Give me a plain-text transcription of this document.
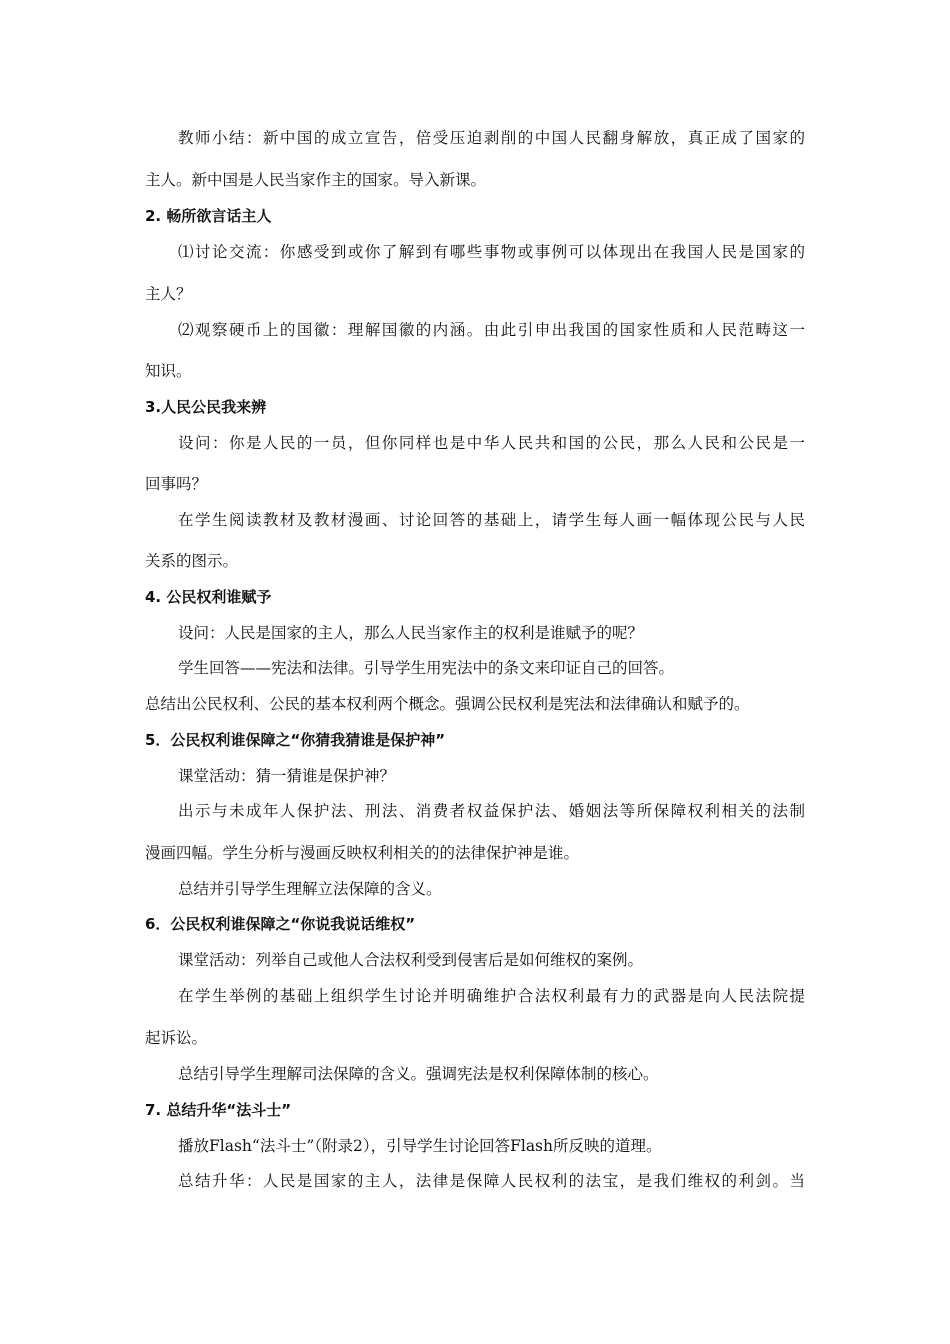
教师小结：新中国的成立宣告，倍受压迫剥削的中国人民翻身解放，真正成了国家的
主人。新中国是人民当家作主的国家。导入新课。
2. 畅所欲言话主人
⑴讨论交流：你感受到或你了解到有哪些事物或事例可以体现出在我国人民是国家的
主人？
⑵观察硬币上的国徽：理解国徽的内涵。由此引申出我国的国家性质和人民范畴这一
知识。
3.人民公民我来辨
设问：你是人民的一员，但你同样也是中华人民共和国的公民，那么人民和公民是一
回事吗？
在学生阅读教材及教材漫画、讨论回答的基础上，请学生每人画一幅体现公民与人民
关系的图示。
4. 公民权利谁赋予
设问：人民是国家的主人，那么人民当家作主的权利是谁赋予的呢？
学生回答——宪法和法律。引导学生用宪法中的条文来印证自己的回答。
总结出公民权利、公民的基本权利两个概念。强调公民权利是宪法和法律确认和赋予的。
5．公民权利谁保障之“你猜我猜谁是保护神”
课堂活动：猜一猜谁是保护神？
出示与未成年人保护法、刑法、消费者权益保护法、婚姻法等所保障权利相关的法制
漫画四幅。学生分析与漫画反映权利相关的的法律保护神是谁。
总结并引导学生理解立法保障的含义。
6．公民权利谁保障之“你说我说话维权”
课堂活动：列举自己或他人合法权利受到侵害后是如何维权的案例。
在学生举例的基础上组织学生讨论并明确维护合法权利最有力的武器是向人民法院提
起诉讼。
总结引导学生理解司法保障的含义。强调宪法是权利保障体制的核心。
7. 总结升华“法斗士”
播放Flash“法斗士”（附录2），引导学生讨论回答Flash所反映的道理。
总结升华：人民是国家的主人，法律是保障人民权利的法宝，是我们维权的利剑。当
